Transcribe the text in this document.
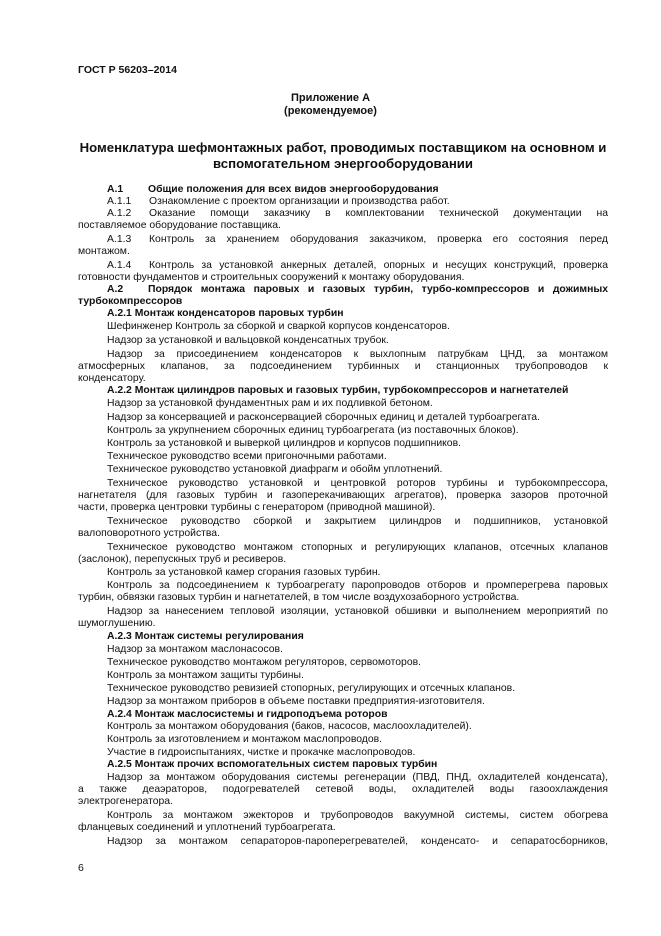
ГОСТ Р 56203–2014
Приложение А
(рекомендуемое)
Номенклатура шефмонтажных работ, проводимых поставщиком на основном и
вспомогательном энергооборудовании
А.1 Общие положения для всех видов энергооборудования
А.1.1 Ознакомление с проектом организации и производства работ.
А.1.2 Оказание помощи заказчику в комплектовании технической документации на
поставляемое оборудование поставщика.
А.1.3 Контроль за хранением оборудования заказчиком, проверка его состояния перед
монтажом.
А.1.4 Контроль за установкой анкерных деталей, опорных и несущих конструкций, проверка
готовности фундаментов и строительных сооружений к монтажу оборудования.
А.2 Порядок монтажа паровых и газовых турбин, турбо-компрессоров и дожимных
турбокомпрессоров
А.2.1 Монтаж конденсаторов паровых турбин
Шефинженер Контроль за сборкой и сваркой корпусов конденсаторов.
Надзор за установкой и вальцовкой конденсатных трубок.
Надзор за присоединением конденсаторов к выхлопным патрубкам ЦНД, за монтажом
атмосферных клапанов, за подсоединением турбинных и станционных трубопроводов к
конденсатору.
А.2.2 Монтаж цилиндров паровых и газовых турбин, турбокомпрессоров и нагнетателей
Надзор за установкой фундаментных рам и их подливкой бетоном.
Надзор за консервацией и расконсервацией сборочных единиц и деталей турбоагрегата.
Контроль за укрупнением сборочных единиц турбоагрегата (из поставочных блоков).
Контроль за установкой и выверкой цилиндров и корпусов подшипников.
Техническое руководство всеми пригоночными работами.
Техническое руководство установкой диафрагм и обойм уплотнений.
Техническое руководство установкой и центровкой роторов турбины и турбокомпрессора,
нагнетателя (для газовых турбин и газоперекачивающих агрегатов), проверка зазоров проточной
части, проверка центровки турбины с генератором (приводной машиной).
Техническое руководство сборкой и закрытием цилиндров и подшипников, установкой
валоповоротного устройства.
Техническое руководство монтажом стопорных и регулирующих клапанов, отсечных клапанов
(заслонок), перепускных труб и ресиверов.
Контроль за установкой камер сгорания газовых турбин.
Контроль за подсоединением к турбоагрегату паропроводов отборов и промперегрева паровых
турбин, обвязки газовых турбин и нагнетателей, в том числе воздухозаборного устройства.
Надзор за нанесением тепловой изоляции, установкой обшивки и выполнением мероприятий по
шумоглушению.
А.2.3 Монтаж системы регулирования
Надзор за монтажом маслонасосов.
Техническое руководство монтажом регуляторов, сервомоторов.
Контроль за монтажом защиты турбины.
Техническое руководство ревизией стопорных, регулирующих и отсечных клапанов.
Надзор за монтажом приборов в объеме поставки предприятия-изготовителя.
А.2.4 Монтаж маслосистемы и гидроподъема роторов
Контроль за монтажом оборудования (баков, насосов, маслоохладителей).
Контроль за изготовлением и монтажом маслопроводов.
Участие в гидроиспытаниях, чистке и прокачке маслопроводов.
А.2.5 Монтаж прочих вспомогательных систем паровых турбин
Надзор за монтажом оборудования системы регенерации (ПВД, ПНД, охладителей конденсата),
а также деаэраторов, подогревателей сетевой воды, охладителей воды газоохлаждения
электрогенератора.
Контроль за монтажом эжекторов и трубопроводов вакуумной системы, систем обогрева
фланцевых соединений и уплотнений турбоагрегата.
Надзор за монтажом сепараторов-пароперегревателей, конденсато- и сепаратосборников,
6
